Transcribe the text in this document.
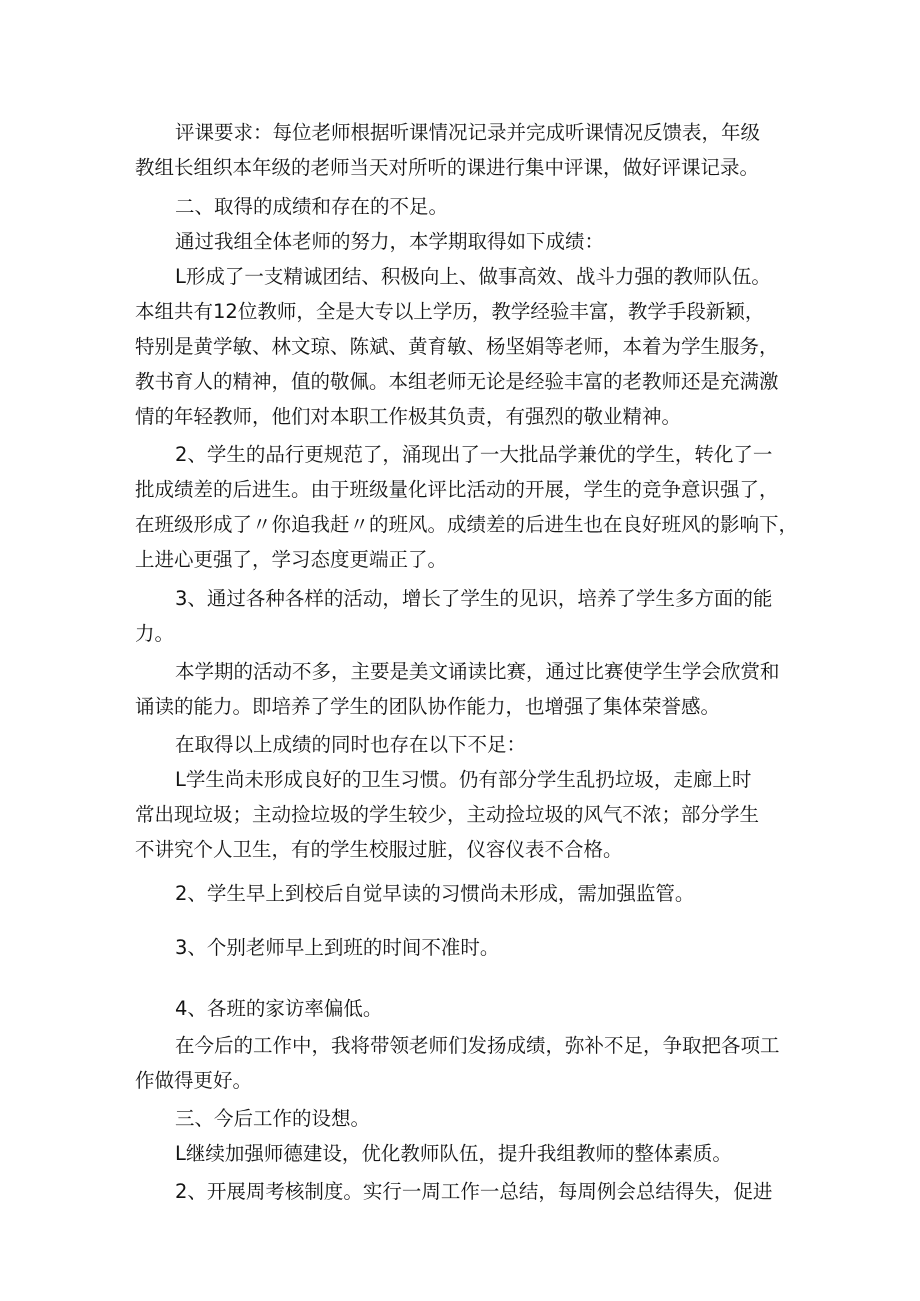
评课要求：每位老师根据听课情况记录并完成听课情况反馈表，年级

教组长组织本年级的老师当天对所听的课进行集中评课，做好评课记录。

二、取得的成绩和存在的不足。

通过我组全体老师的努力，本学期取得如下成绩：

L形成了一支精诚团结、积极向上、做事高效、战斗力强的教师队伍。

本组共有12位教师，全是大专以上学历，教学经验丰富，教学手段新颖，

特别是黄学敏、林文琼、陈斌、黄育敏、杨坚娟等老师，本着为学生服务，

教书育人的精神，值的敬佩。本组老师无论是经验丰富的老教师还是充满激

情的年轻教师，他们对本职工作极其负责，有强烈的敬业精神。

2、学生的品行更规范了，涌现出了一大批品学兼优的学生，转化了一

批成绩差的后进生。由于班级量化评比活动的开展，学生的竞争意识强了，

在班级形成了〃你追我赶〃的班风。成绩差的后进生也在良好班风的影响下，

上进心更强了，学习态度更端正了。

3、通过各种各样的活动，增长了学生的见识，培养了学生多方面的能

力。

本学期的活动不多，主要是美文诵读比赛，通过比赛使学生学会欣赏和

诵读的能力。即培养了学生的团队协作能力，也增强了集体荣誉感。

在取得以上成绩的同时也存在以下不足：

L学生尚未形成良好的卫生习惯。仍有部分学生乱扔垃圾，走廊上时

常出现垃圾；主动捡垃圾的学生较少，主动捡垃圾的风气不浓；部分学生

不讲究个人卫生，有的学生校服过脏，仪容仪表不合格。

2、学生早上到校后自觉早读的习惯尚未形成，需加强监管。

3、个别老师早上到班的时间不准时。

4、各班的家访率偏低。

在今后的工作中，我将带领老师们发扬成绩，弥补不足，争取把各项工

作做得更好。

三、今后工作的设想。

L继续加强师德建设，优化教师队伍，提升我组教师的整体素质。

2、开展周考核制度。实行一周工作一总结，每周例会总结得失，促进
